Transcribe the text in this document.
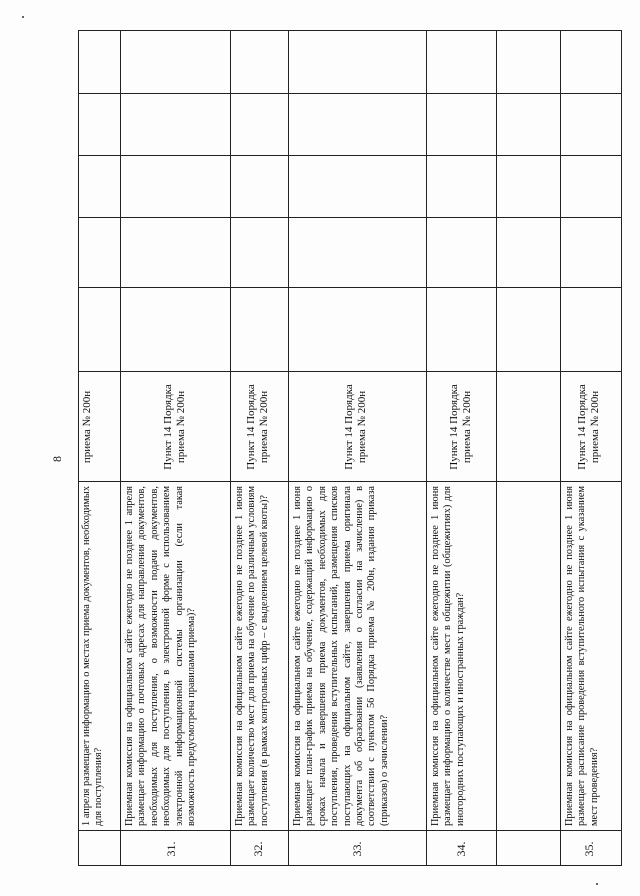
8
1 апреля размещает информацию о местах приема документов, необходимых для поступления?
приема № 200н
31.
Приемная комиссия на официальном сайте ежегодно не позднее 1 апреля размещает информацию о почтовых адресах для направления документов, необходимых для поступления, о возможности подачи документов, необходимых для поступления, в электронной форме с использованием электронной информационной системы организации (если такая возможность предусмотрена правилами приема)?
Пункт 14 Порядка приема № 200н
32.
Приемная комиссия на официальном сайте ежегодно не позднее 1 июня размещает количество мест для приема на обучение по различным условиям поступления (в рамках контрольных цифр – с выделением целевой квоты)?
Пункт 14 Порядка приема № 200н
33.
Приемная комиссия на официальном сайте ежегодно не позднее 1 июня размещает план-график приема на обучение, содержащий информацию о сроках начала и завершения приема документов, необходимых для поступления, проведения вступительных испытаний, размещения списков поступающих на официальном сайте, завершения приема оригинала документа об образовании (заявления о согласии на зачисление) в соответствии с пунктом 56 Порядка приема № 200н, издания приказа (приказов) о зачислении?
Пункт 14 Порядка приема № 200н
34.
Приемная комиссия на официальном сайте ежегодно не позднее 1 июня размещает информацию о количестве мест в общежитии (общежитиях) для иногородних поступающих и иностранных граждан?
Пункт 14 Порядка приема № 200н
35.
Приемная комиссия на официальном сайте ежегодно не позднее 1 июня размещает расписание проведения вступительного испытания с указанием мест проведения?
Пункт 14 Порядка приема № 200н
